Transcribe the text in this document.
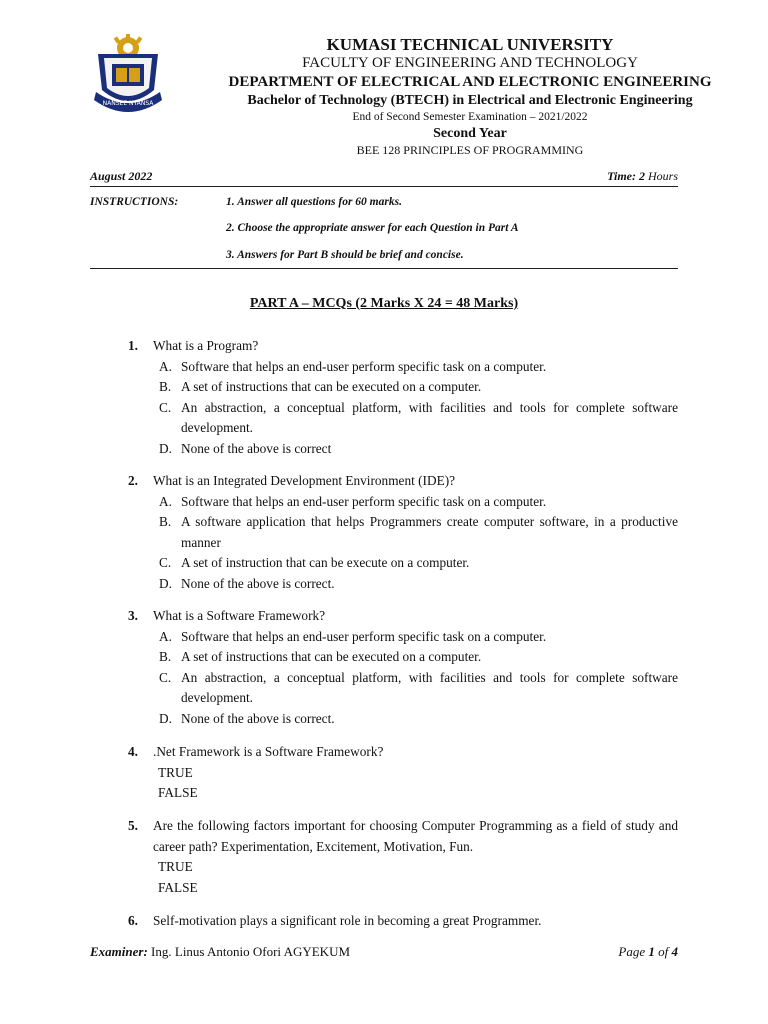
NANSEE NYANSA
KUMASI TECHNICAL UNIVERSITY
FACULTY OF ENGINEERING AND TECHNOLOGY
DEPARTMENT OF ELECTRICAL AND ELECTRONIC ENGINEERING
Bachelor of Technology (BTECH) in Electrical and Electronic Engineering
End of Second Semester Examination – 2021/2022
Second Year
BEE 128 PRINCIPLES OF PROGRAMMING
August 2022	Time: 2 Hours
INSTRUCTIONS:	1. Answer all questions for 60 marks.
2. Choose the appropriate answer for each Question in Part A
3. Answers for Part B should be brief and concise.
PART A – MCQs (2 Marks X 24 = 48 Marks)
1. What is a Program?
A. Software that helps an end-user perform specific task on a computer.
B. A set of instructions that can be executed on a computer.
C. An abstraction, a conceptual platform, with facilities and tools for complete software development.
D. None of the above is correct
2. What is an Integrated Development Environment (IDE)?
A. Software that helps an end-user perform specific task on a computer.
B. A software application that helps Programmers create computer software, in a productive manner
C. A set of instruction that can be execute on a computer.
D. None of the above is correct.
3. What is a Software Framework?
A. Software that helps an end-user perform specific task on a computer.
B. A set of instructions that can be executed on a computer.
C. An abstraction, a conceptual platform, with facilities and tools for complete software development.
D. None of the above is correct.
4. .Net Framework is a Software Framework?
TRUE
FALSE
5. Are the following factors important for choosing Computer Programming as a field of study and career path? Experimentation, Excitement, Motivation, Fun.
TRUE
FALSE
6. Self-motivation plays a significant role in becoming a great Programmer.
Examiner: Ing. Linus Antonio Ofori AGYEKUM	Page 1 of 4
